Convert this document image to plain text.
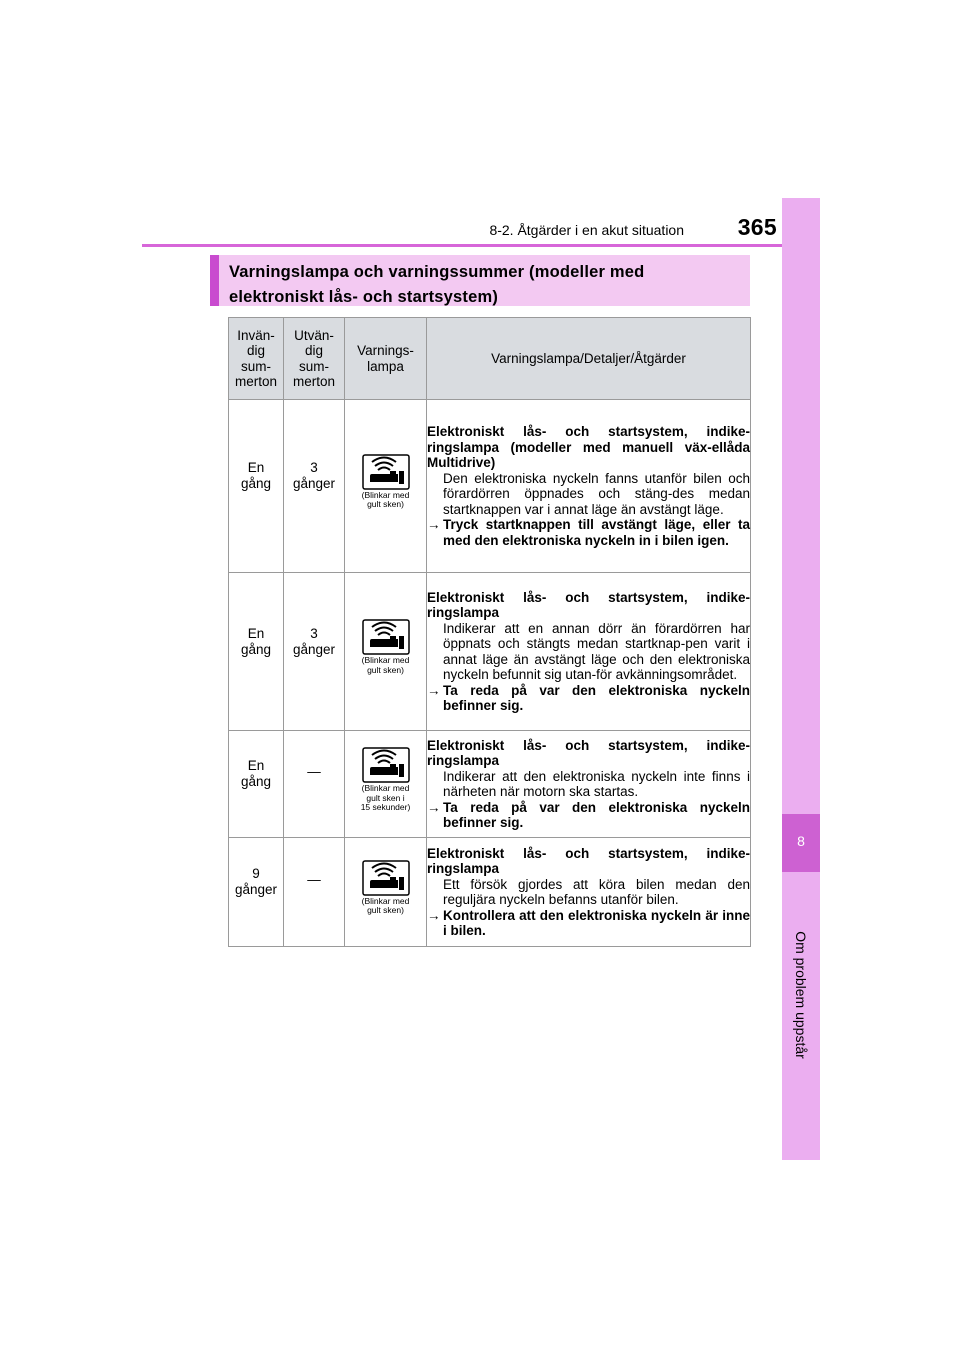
365
8-2. Åtgärder i en akut situation
8
Om problem uppstår
Varningslampa och varningssummer (modeller med elektroniskt lås- och startsystem)
Invän-
dig
sum-
merton	Utvän-
dig
sum-
merton	Varnings-
lampa	Varningslampa/Detaljer/Åtgärder

En
gång	3
gånger	(Blinkar med
gult sken)	Elektroniskt lås- och startsystem, indike-ringslampa (modeller med manuell väx-ellåda Multidrive)
Den elektroniska nyckeln fanns utanför bilen och förardörren öppnades och stäng-des medan startknappen var i annat läge än avstängt läge.
→ Tryck startknappen till avstängt läge, eller ta med den elektroniska nyckeln in i bilen igen.

En
gång	3
gånger	(Blinkar med
gult sken)	Elektroniskt lås- och startsystem, indike-ringslampa
Indikerar att en annan dörr än förardörren har öppnats och stängts medan startknap-pen varit i annat läge än avstängt läge och den elektroniska nyckeln befunnit sig utan-för avkänningsområdet.
→ Ta reda på var den elektroniska nyckeln befinner sig.

En
gång	—	(Blinkar med
gult sken i
15 sekunder)	Elektroniskt lås- och startsystem, indike-ringslampa
Indikerar att den elektroniska nyckeln inte finns i närheten när motorn ska startas.
→ Ta reda på var den elektroniska nyckeln befinner sig.

9
gånger	—	(Blinkar med
gult sken)	Elektroniskt lås- och startsystem, indike-ringslampa
Ett försök gjordes att köra bilen medan den reguljära nyckeln befanns utanför bilen.
→ Kontrollera att den elektroniska nyckeln är inne i bilen.
